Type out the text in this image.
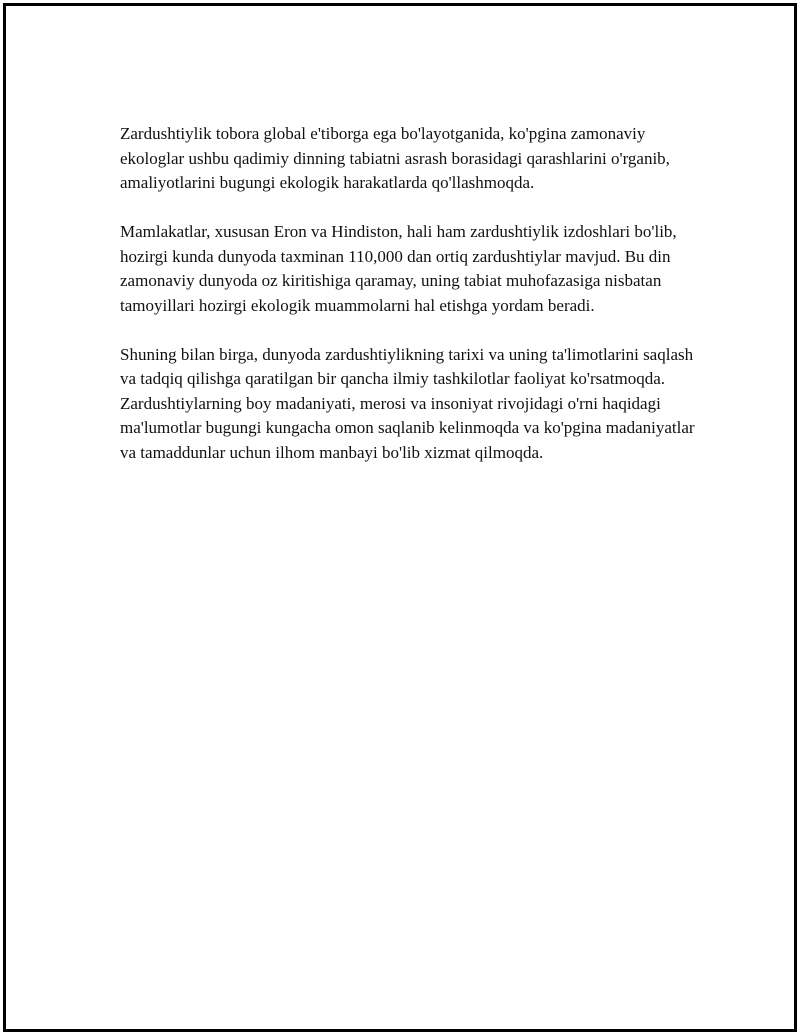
Zardushtiylik tobora global e'tiborga ega bo'layotganida, ko'pgina zamonaviy ekologlar ushbu qadimiy dinning tabiatni asrash borasidagi qarashlarini o'rganib, amaliyotlarini bugungi ekologik harakatlarda qo'llashmoqda.

Mamlakatlar, xususan Eron va Hindiston, hali ham zardushtiylik izdoshlari bo'lib, hozirgi kunda dunyoda taxminan 110,000 dan ortiq zardushtiylar mavjud. Bu din zamonaviy dunyoda oz kiritishiga qaramay, uning tabiat muhofazasiga nisbatan tamoyillari hozirgi ekologik muammolarni hal etishga yordam beradi.

Shuning bilan birga, dunyoda zardushtiylikning tarixi va uning ta'limotlarini saqlash va tadqiq qilishga qaratilgan bir qancha ilmiy tashkilotlar faoliyat ko'rsatmoqda. Zardushtiylarning boy madaniyati, merosi va insoniyat rivojidagi o'rni haqidagi ma'lumotlar bugungi kungacha omon saqlanib kelinmoqda va ko'pgina madaniyatlar va tamaddunlar uchun ilhom manbayi bo'lib xizmat qilmoqda.
